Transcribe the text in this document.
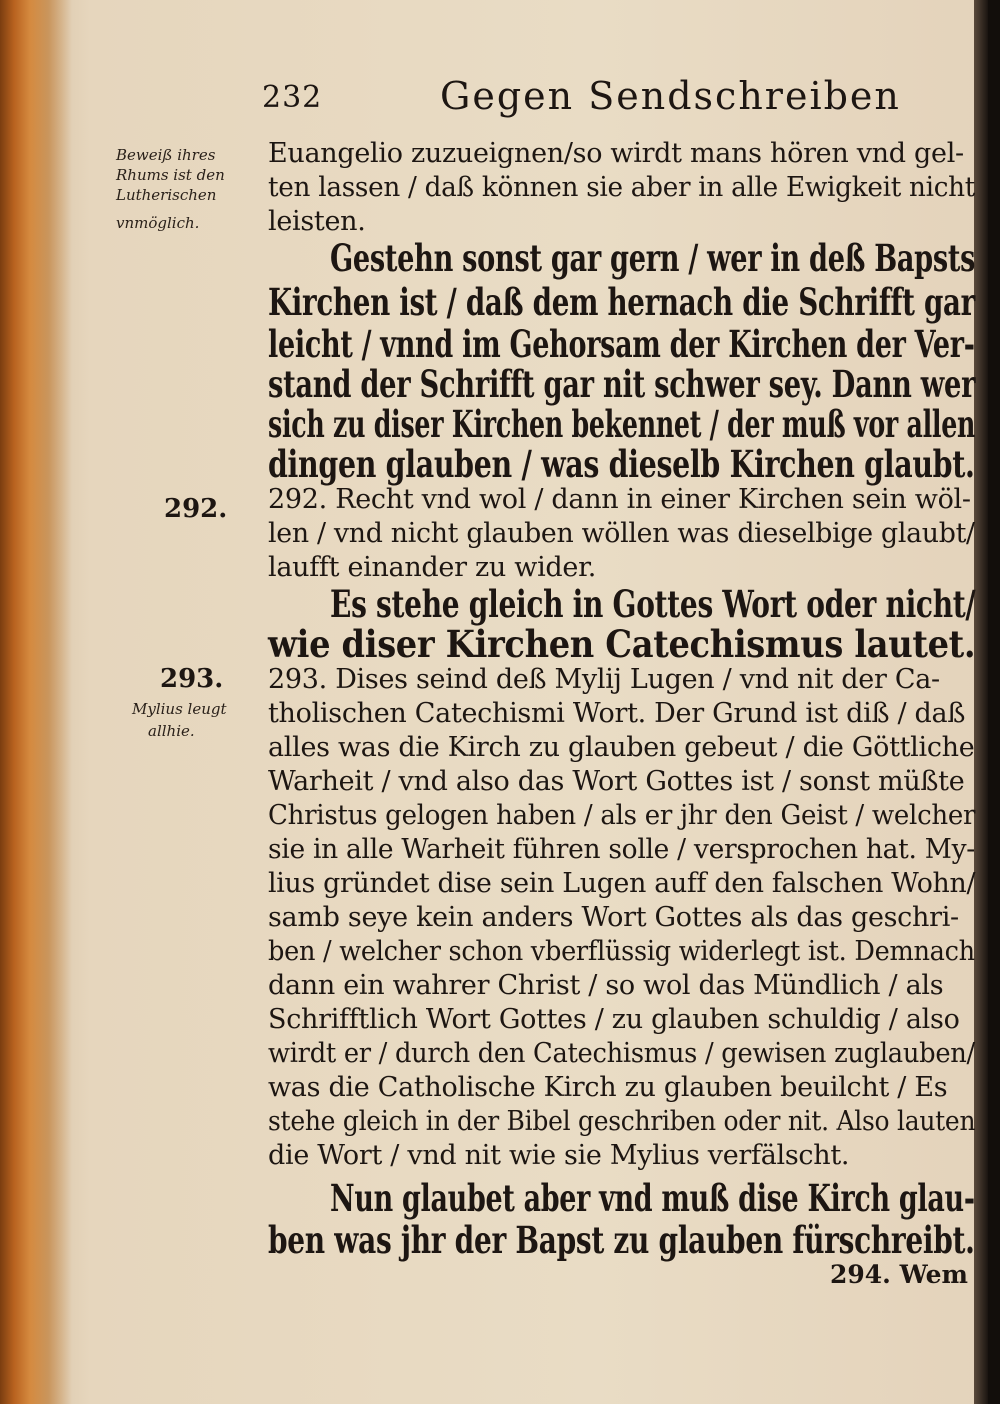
232	Gegen Sendschreiben
Beweiß ihres
Rhums ist den
Lutherischen
vnmöglich.
Euangelio zuzueignen/so wirdt mans hören vnd gel-
ten lassen / daß können sie aber in alle Ewigkeit nicht
leisten.
Gestehn sonst gar gern / wer in deß Bapsts
Kirchen ist / daß dem hernach die Schrifft gar
leicht / vnnd im Gehorsam der Kirchen der Ver-
stand der Schrifft gar nit schwer sey. Dann wer
sich zu diser Kirchen bekennet / der muß vor allen
dingen glauben / was dieselb Kirchen glaubt.
292. 292. Recht vnd wol / dann in einer Kirchen sein wöl-
len / vnd nicht glauben wöllen was dieselbige glaubt/
laufft einander zu wider.
Es stehe gleich in Gottes Wort oder nicht/
wie diser Kirchen Catechismus lautet.
293.
Mylius leugt
allhie.
293. Dises seind deß Mylij Lugen / vnd nit der Ca-
tholischen Catechismi Wort. Der Grund ist diß / daß
alles was die Kirch zu glauben gebeut / die Göttliche
Warheit / vnd also das Wort Gottes ist / sonst müßte
Christus gelogen haben / als er jhr den Geist / welcher
sie in alle Warheit führen solle / versprochen hat. My-
lius gründet dise sein Lugen auff den falschen Wohn/
samb seye kein anders Wort Gottes als das geschri-
ben / welcher schon vberflüssig widerlegt ist. Demnach
dann ein wahrer Christ / so wol das Mündlich / als
Schrifftlich Wort Gottes / zu glauben schuldig / also
wirdt er / durch den Catechismus / gewisen zuglauben/
was die Catholische Kirch zu glauben beuilcht / Es
stehe gleich in der Bibel geschriben oder nit. Also lauten
die Wort / vnd nit wie sie Mylius verfälscht.
Nun glaubet aber vnd muß dise Kirch glau-
ben was jhr der Bapst zu glauben fürschreibt.
294. Wem
